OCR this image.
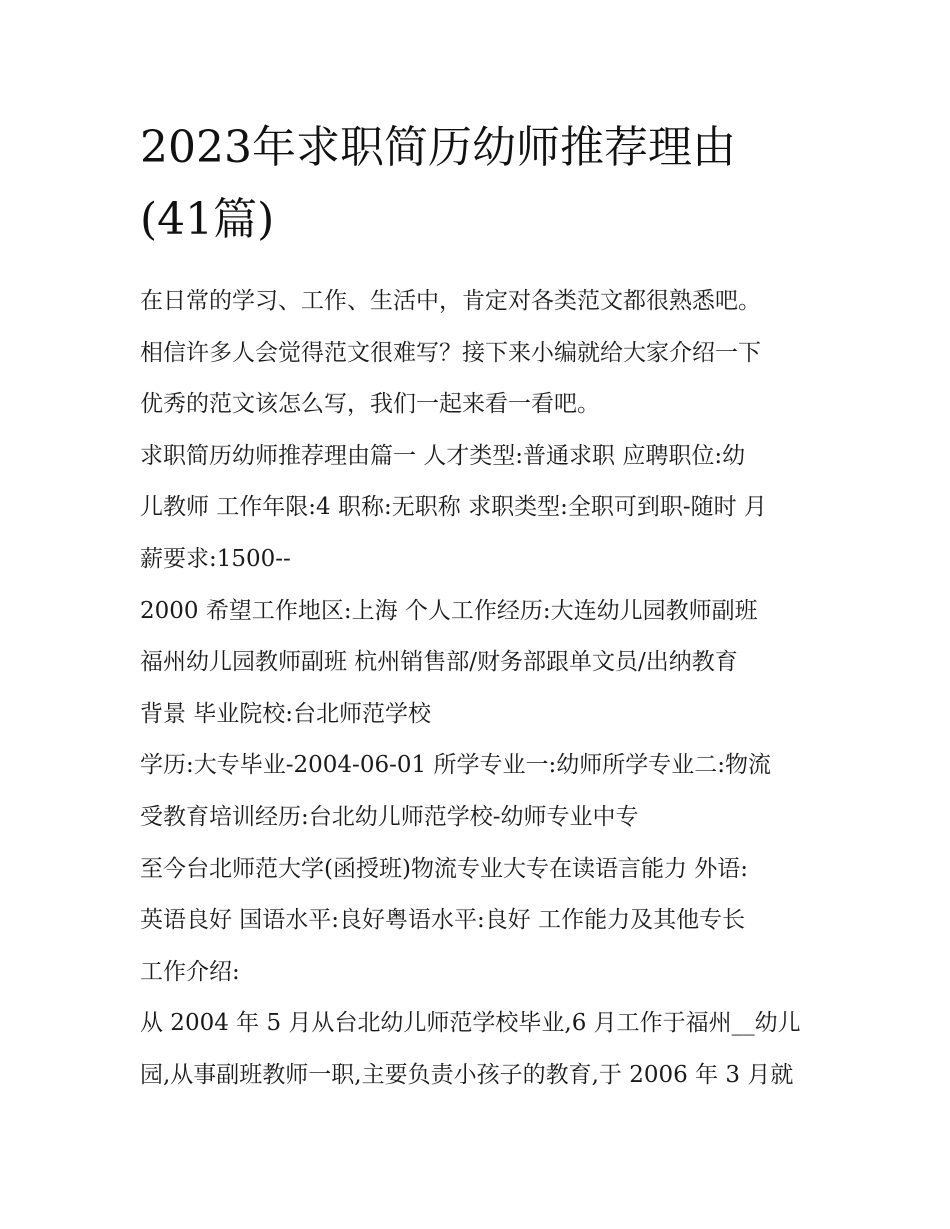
2023年求职简历幼师推荐理由
(41篇)
在日常的学习、工作、生活中，肯定对各类范文都很熟悉吧。
相信许多人会觉得范文很难写？接下来小编就给大家介绍一下
优秀的范文该怎么写，我们一起来看一看吧。
求职简历幼师推荐理由篇一 人才类型:普通求职 应聘职位:幼
儿教师 工作年限:4 职称:无职称 求职类型:全职可到职-随时 月
薪要求:1500--
2000 希望工作地区:上海 个人工作经历:大连幼儿园教师副班
福州幼儿园教师副班 杭州销售部/财务部跟单文员/出纳教育
背景 毕业院校:台北师范学校
学历:大专毕业-2004-06-01 所学专业一:幼师所学专业二:物流
受教育培训经历:台北幼儿师范学校-幼师专业中专
至今台北师范大学(函授班)物流专业大专在读语言能力 外语:
英语良好 国语水平:良好粤语水平:良好 工作能力及其他专长
工作介绍:
从 2004 年 5 月从台北幼儿师范学校毕业,6 月工作于福州__幼儿
园,从事副班教师一职,主要负责小孩子的教育,于 2006 年 3 月就
